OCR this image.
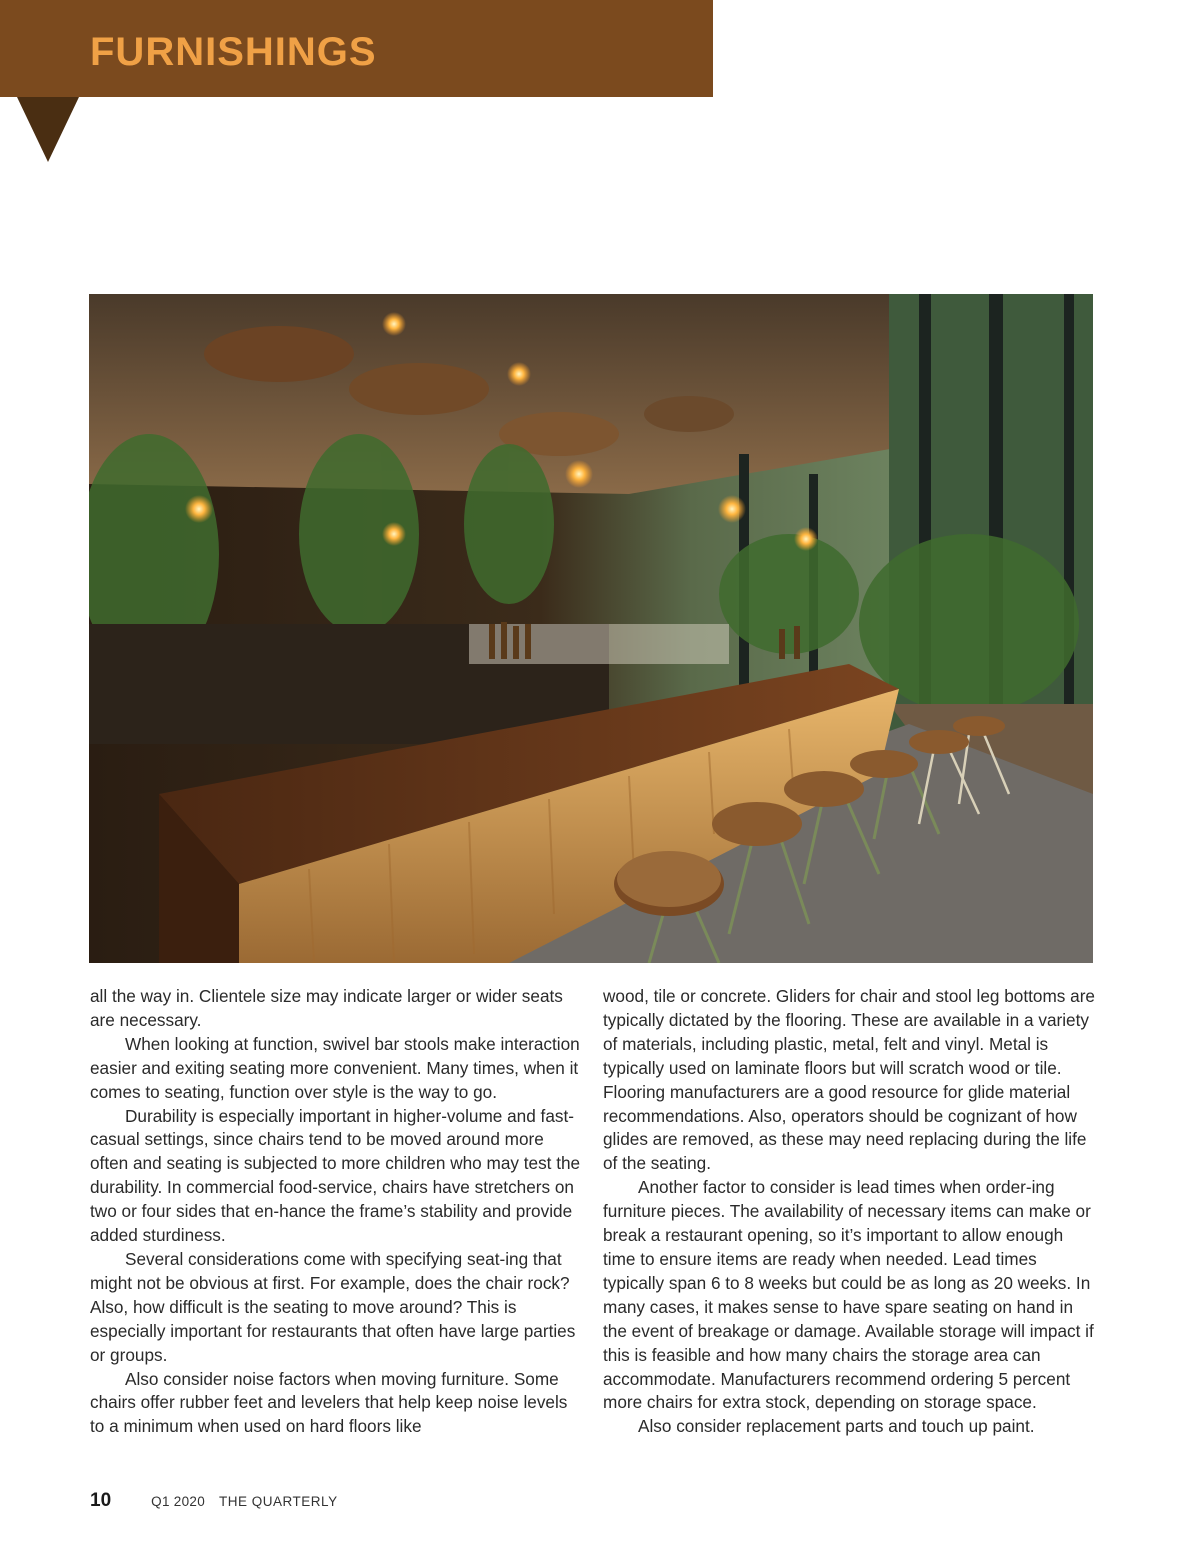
FURNISHINGS

all the way in. Clientele size may indicate larger or wider seats are necessary.

When looking at function, swivel bar stools make interaction easier and exiting seating more convenient. Many times, when it comes to seating, function over style is the way to go.

Durability is especially important in higher-volume and fast-casual settings, since chairs tend to be moved around more often and seating is subjected to more children who may test the durability. In commercial food-service, chairs have stretchers on two or four sides that en-hance the frame’s stability and provide added sturdiness.

Several considerations come with specifying seat-ing that might not be obvious at first. For example, does the chair rock? Also, how difficult is the seating to move around? This is especially important for restaurants that often have large parties or groups.

Also consider noise factors when moving furniture. Some chairs offer rubber feet and levelers that help keep noise levels to a minimum when used on hard floors like

wood, tile or concrete. Gliders for chair and stool leg bottoms are typically dictated by the flooring. These are available in a variety of materials, including plastic, metal, felt and vinyl. Metal is typically used on laminate floors but will scratch wood or tile. Flooring manufacturers are a good resource for glide material recommendations. Also, operators should be cognizant of how glides are removed, as these may need replacing during the life of the seating.

Another factor to consider is lead times when order-ing furniture pieces. The availability of necessary items can make or break a restaurant opening, so it’s important to allow enough time to ensure items are ready when needed. Lead times typically span 6 to 8 weeks but could be as long as 20 weeks. In many cases, it makes sense to have spare seating on hand in the event of breakage or damage. Available storage will impact if this is feasible and how many chairs the storage area can accommodate. Manufacturers recommend ordering 5 percent more chairs for extra stock, depending on storage space.

Also consider replacement parts and touch up paint.

10	Q1 2020 THE QUARTERLY
